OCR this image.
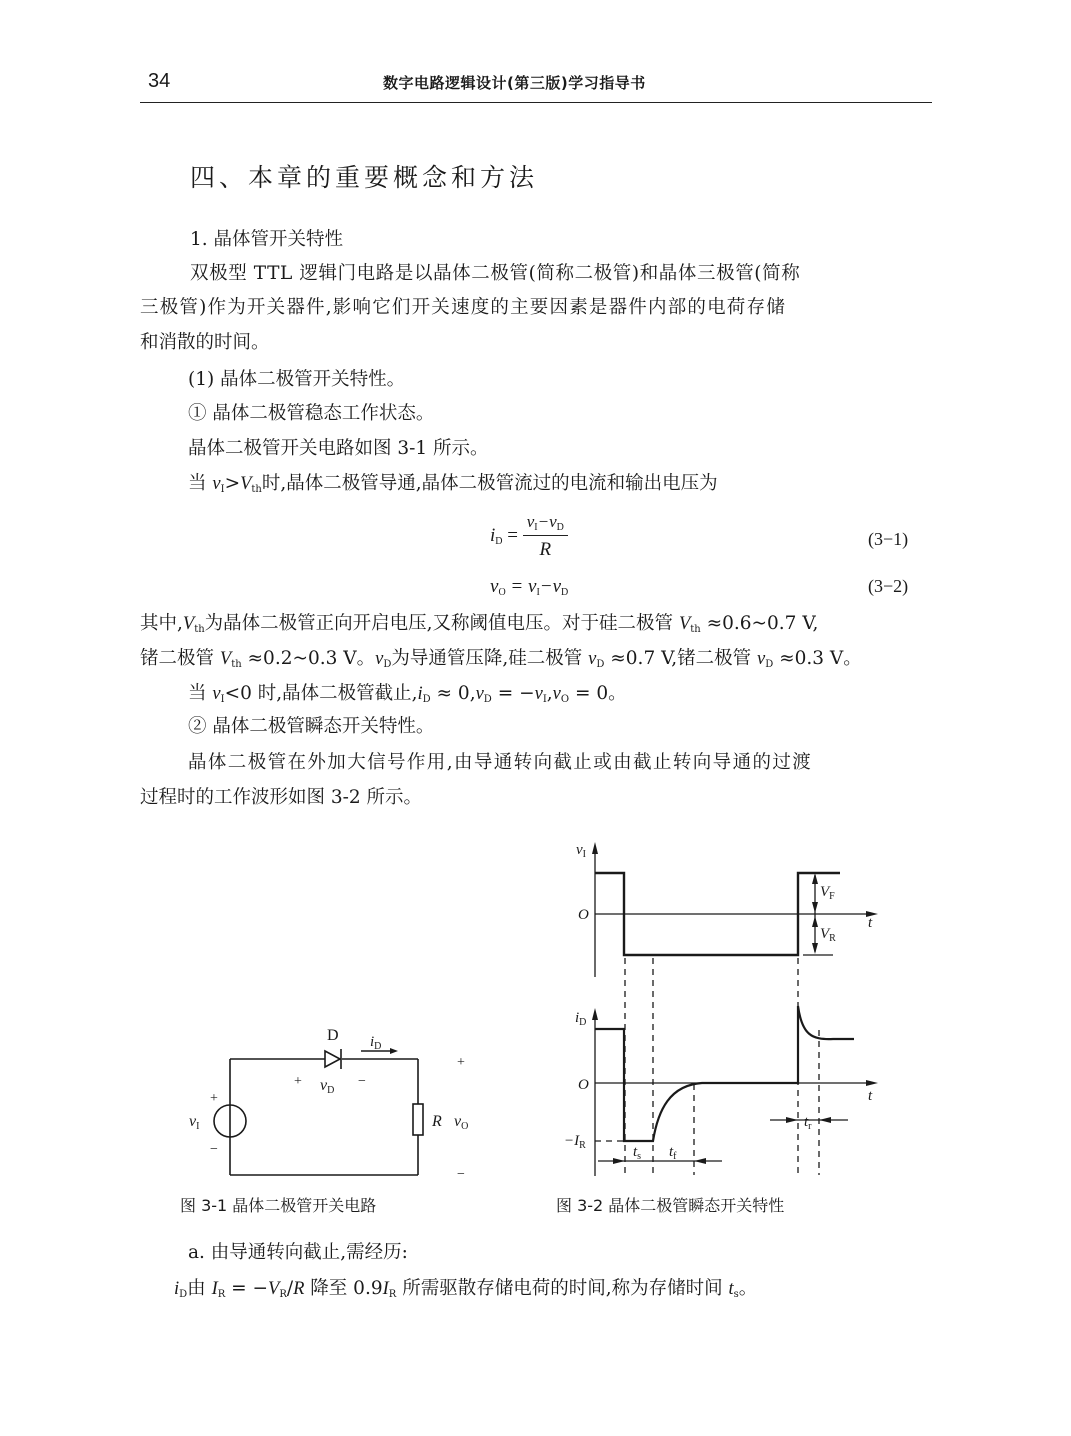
34	数字电路逻辑设计(第三版)学习指导书
四、本章的重要概念和方法
1. 晶体管开关特性
双极型 TTL 逻辑门电路是以晶体二极管(简称二极管)和晶体三极管(简称
三极管)作为开关器件,影响它们开关速度的主要因素是器件内部的电荷存储
和消散的时间。
(1) 晶体二极管开关特性。
① 晶体二极管稳态工作状态。
晶体二极管开关电路如图 3-1 所示。
当 $v_I>V_{th}$时,晶体二极管导通,晶体二极管流过的电流和输出电压为
$i_D = \frac{v_I-v_D}{R}$	(3−1)
$v_O = v_I-v_D$	(3−2)
其中$,V_{th}$为晶体二极管正向开启电压,又称阈值电压。对于硅二极管 $V_{th}$ ≈0.6~0.7 V,
锗二极管 $V_{th}$ ≈0.2~0.3 V。$v_D$为导通管压降,硅二极管 $v_D \approx 0.7$ V,锗二极管 $v_D \approx 0.3$ V。
当 $v_I<0$ 时,晶体二极管截止$,i_D \approx 0,v_D = -v_I,v_O = 0$。
② 晶体二极管瞬态开关特性。
晶体二极管在外加大信号作用,由导通转向截止或由截止转向导通的过渡
过程时的工作波形如图 3-2 所示。
D $i_D$
+ vD
−
+
vI
−
R vO
+
−
图 3-1 晶体二极管开关电路
$v_I$
O	t
$V_F$
$V_R$
$i_D$
O
t
$-I_R$	$t_s$ $t_f$
$t_r$
图 3-2 晶体二极管瞬态开关特性
a. 由导通转向截止,需经历:
$i_D$由 $I_R = -V_R/R$ 降至 $0.9I_R$ 所需驱散存储电荷的时间,称为存储时间 $t_s$。
